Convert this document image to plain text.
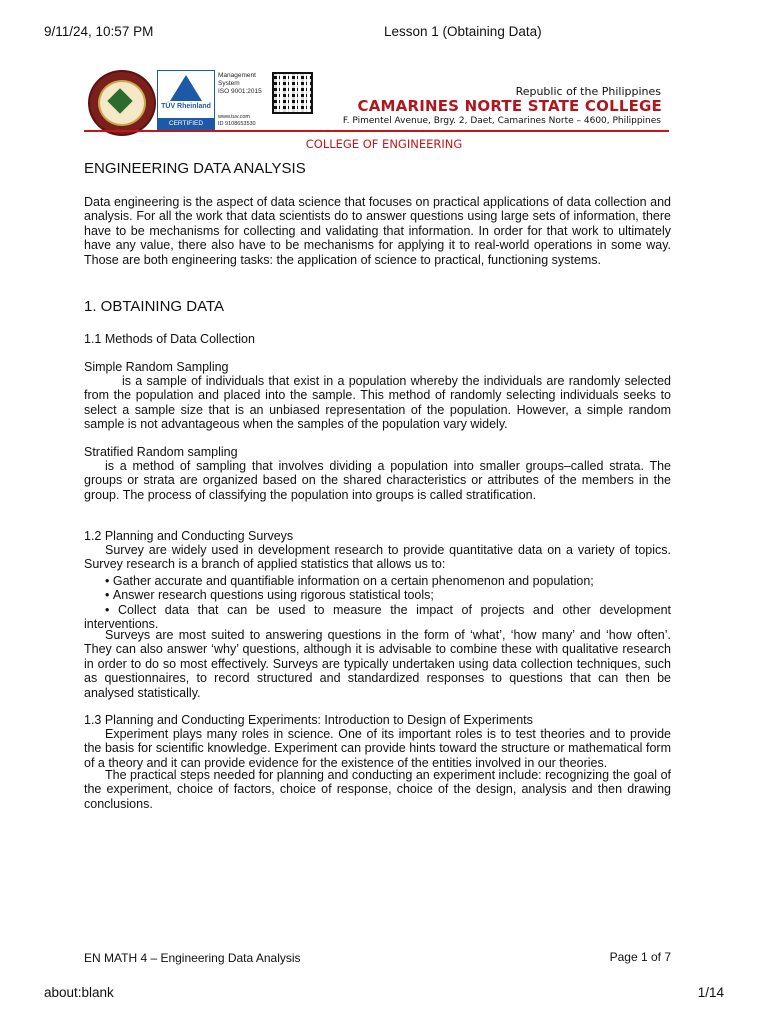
9/11/24, 10:57 PM	Lesson 1 (Obtaining Data)
TÜV Rheinland
CERTIFIED
Management
System
ISO 9001:2015
www.tuv.com
ID 9108653530
Republic of the Philippines
CAMARINES NORTE STATE COLLEGE
F. Pimentel Avenue, Brgy. 2, Daet, Camarines Norte – 4600, Philippines
COLLEGE OF ENGINEERING
ENGINEERING DATA ANALYSIS

Data engineering is the aspect of data science that focuses on practical applications of data collection and analysis. For all the work that data scientists do to answer questions using large sets of information, there have to be mechanisms for collecting and validating that information. In order for that work to ultimately have any value, there also have to be mechanisms for applying it to real-world operations in some way. Those are both engineering tasks: the application of science to practical, functioning systems.

1. OBTAINING DATA
1.1 Methods of Data Collection
Simple Random Sampling

is a sample of individuals that exist in a population whereby the individuals are randomly selected from the population and placed into the sample. This method of randomly selecting individuals seeks to select a sample size that is an unbiased representation of the population. However, a simple random sample is not advantageous when the samples of the population vary widely.

Stratified Random sampling

is a method of sampling that involves dividing a population into smaller groups–called strata. The groups or strata are organized based on the shared characteristics or attributes of the members in the group. The process of classifying the population into groups is called stratification.

1.2 Planning and Conducting Surveys

Survey are widely used in development research to provide quantitative data on a variety of topics. Survey research is a branch of applied statistics that allows us to:

• Gather accurate and quantifiable information on a certain phenomenon and population;
• Answer research questions using rigorous statistical tools;
• Collect data that can be used to measure the impact of projects and other development interventions.

Surveys are most suited to answering questions in the form of ‘what’, ‘how many’ and ‘how often’. They can also answer ‘why’ questions, although it is advisable to combine these with qualitative research in order to do so most effectively. Surveys are typically undertaken using data collection techniques, such as questionnaires, to record structured and standardized responses to questions that can then be analysed statistically.

1.3 Planning and Conducting Experiments: Introduction to Design of Experiments

Experiment plays many roles in science. One of its important roles is to test theories and to provide the basis for scientific knowledge. Experiment can provide hints toward the structure or mathematical form of a theory and it can provide evidence for the existence of the entities involved in our theories.

The practical steps needed for planning and conducting an experiment include: recognizing the goal of the experiment, choice of factors, choice of response, choice of the design, analysis and then drawing conclusions.

EN MATH 4 – Engineering Data Analysis	Page 1 of 7
about:blank	1/14
